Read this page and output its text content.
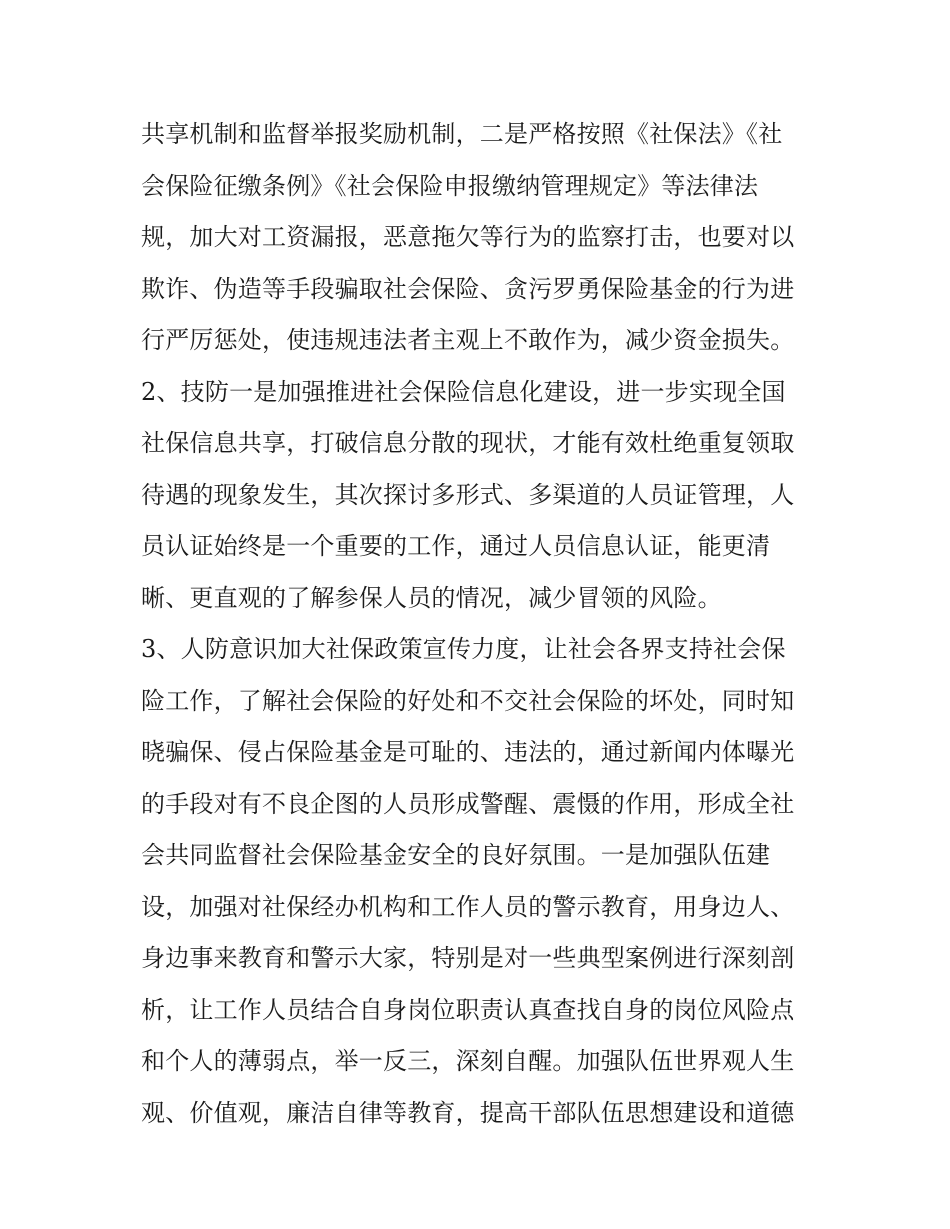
共享机制和监督举报奖励机制，二是严格按照《社保法》《社
会保险征缴条例》《社会保险申报缴纳管理规定》等法律法
规，加大对工资漏报，恶意拖欠等行为的监察打击，也要对以
欺诈、伪造等手段骗取社会保险、贪污罗勇保险基金的行为进
行严厉惩处，使违规违法者主观上不敢作为，减少资金损失。
2、技防一是加强推进社会保险信息化建设，进一步实现全国
社保信息共享，打破信息分散的现状，才能有效杜绝重复领取
待遇的现象发生，其次探讨多形式、多渠道的人员证管理，人
员认证始终是一个重要的工作，通过人员信息认证，能更清
晰、更直观的了解参保人员的情况，减少冒领的风险。
3、人防意识加大社保政策宣传力度，让社会各界支持社会保
险工作，了解社会保险的好处和不交社会保险的坏处，同时知
晓骗保、侵占保险基金是可耻的、违法的，通过新闻内体曝光
的手段对有不良企图的人员形成警醒、震慑的作用，形成全社
会共同监督社会保险基金安全的良好氛围。一是加强队伍建
设，加强对社保经办机构和工作人员的警示教育，用身边人、
身边事来教育和警示大家，特别是对一些典型案例进行深刻剖
析，让工作人员结合自身岗位职责认真查找自身的岗位风险点
和个人的薄弱点，举一反三，深刻自醒。加强队伍世界观人生
观、价值观，廉洁自律等教育，提高干部队伍思想建设和道德
